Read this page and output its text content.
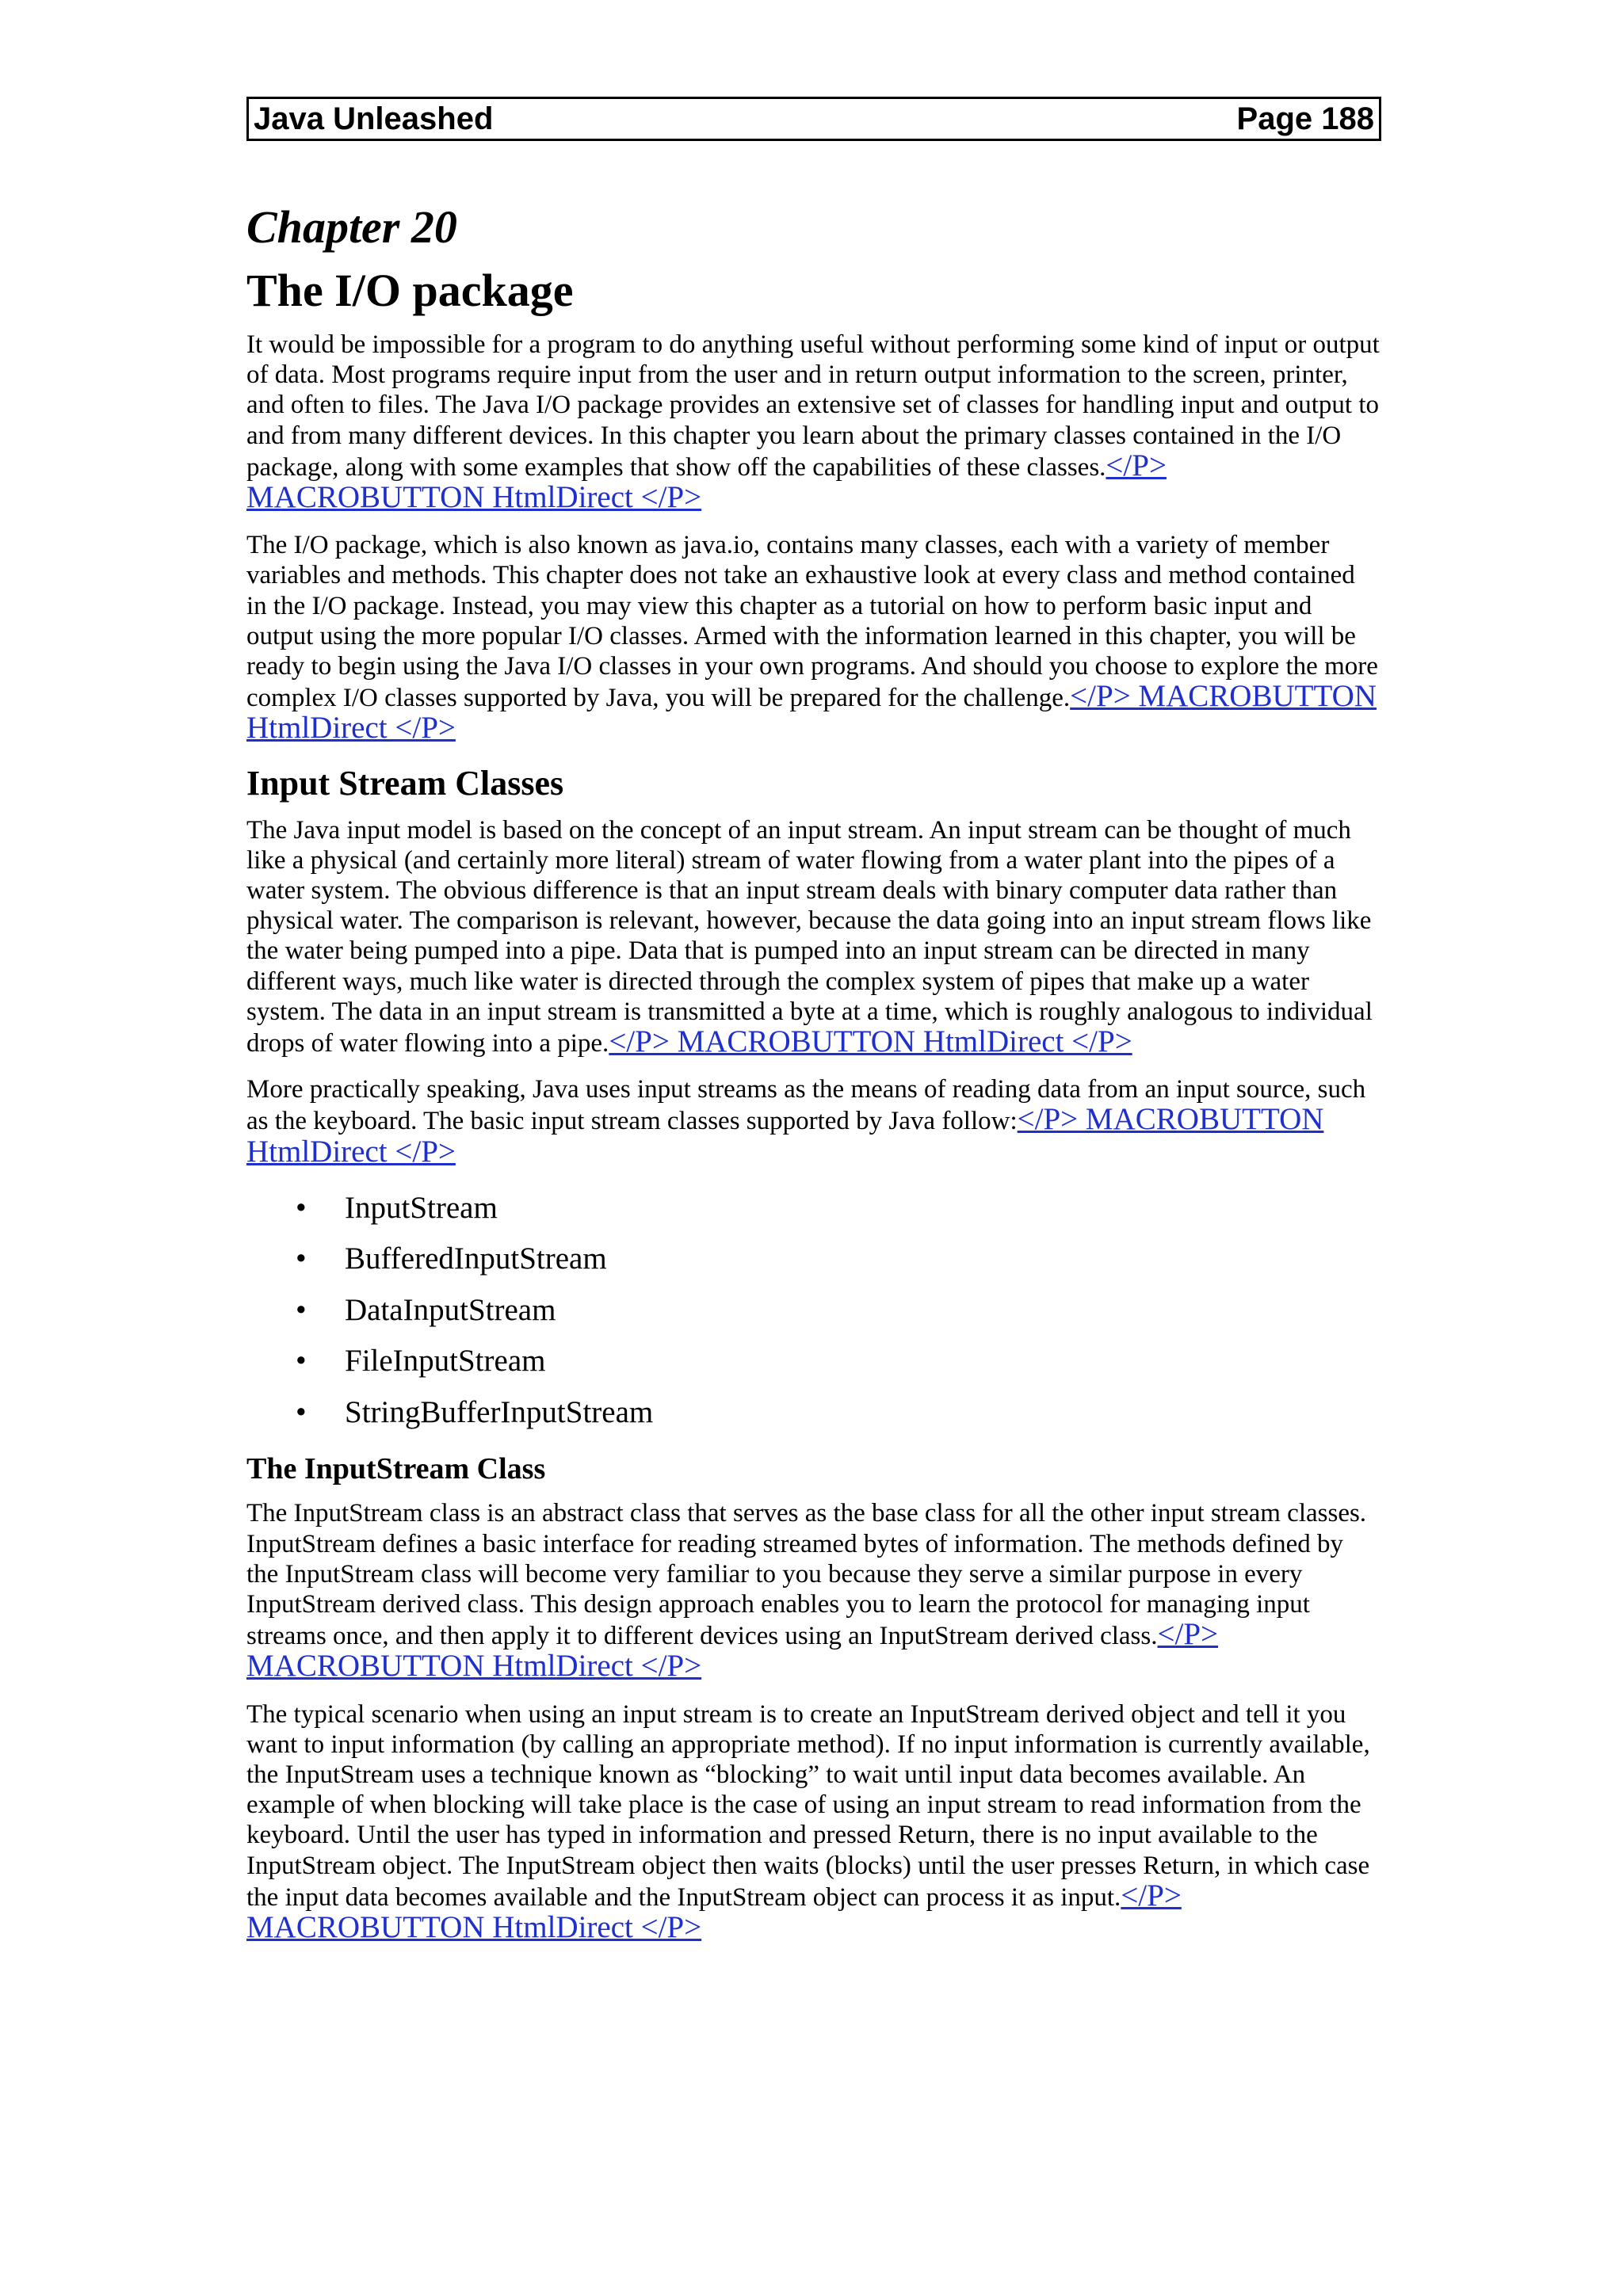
Java Unleashed	Page 188
Chapter 20
The I/O package

It would be impossible for a program to do anything useful without performing some kind of input or output of data. Most programs require input from the user and in return output information to the screen, printer, and often to files. The Java I/O package provides an extensive set of classes for handling input and output to and from many different devices. In this chapter you learn about the primary classes contained in the I/O package, along with some examples that show off the capabilities of these classes.</P> MACROBUTTON HtmlDirect </P>

The I/O package, which is also known as java.io, contains many classes, each with a variety of member variables and methods. This chapter does not take an exhaustive look at every class and method contained in the I/O package. Instead, you may view this chapter as a tutorial on how to perform basic input and output using the more popular I/O classes. Armed with the information learned in this chapter, you will be ready to begin using the Java I/O classes in your own programs. And should you choose to explore the more complex I/O classes supported by Java, you will be prepared for the challenge.</P> MACROBUTTON HtmlDirect </P>

Input Stream Classes

The Java input model is based on the concept of an input stream. An input stream can be thought of much like a physical (and certainly more literal) stream of water flowing from a water plant into the pipes of a water system. The obvious difference is that an input stream deals with binary computer data rather than physical water. The comparison is relevant, however, because the data going into an input stream flows like the water being pumped into a pipe. Data that is pumped into an input stream can be directed in many different ways, much like water is directed through the complex system of pipes that make up a water system. The data in an input stream is transmitted a byte at a time, which is roughly analogous to individual drops of water flowing into a pipe.</P> MACROBUTTON HtmlDirect </P>

More practically speaking, Java uses input streams as the means of reading data from an input source, such as the keyboard. The basic input stream classes supported by Java follow:</P> MACROBUTTON HtmlDirect </P>

• InputStream
• BufferedInputStream
• DataInputStream
• FileInputStream
• StringBufferInputStream
The InputStream Class

The InputStream class is an abstract class that serves as the base class for all the other input stream classes. InputStream defines a basic interface for reading streamed bytes of information. The methods defined by the InputStream class will become very familiar to you because they serve a similar purpose in every InputStream derived class. This design approach enables you to learn the protocol for managing input streams once, and then apply it to different devices using an InputStream derived class.</P> MACROBUTTON HtmlDirect </P>

The typical scenario when using an input stream is to create an InputStream derived object and tell it you want to input information (by calling an appropriate method). If no input information is currently available, the InputStream uses a technique known as “blocking” to wait until input data becomes available. An example of when blocking will take place is the case of using an input stream to read information from the keyboard. Until the user has typed in information and pressed Return, there is no input available to the InputStream object. The InputStream object then waits (blocks) until the user presses Return, in which case the input data becomes available and the InputStream object can process it as input.</P> MACROBUTTON HtmlDirect </P>
